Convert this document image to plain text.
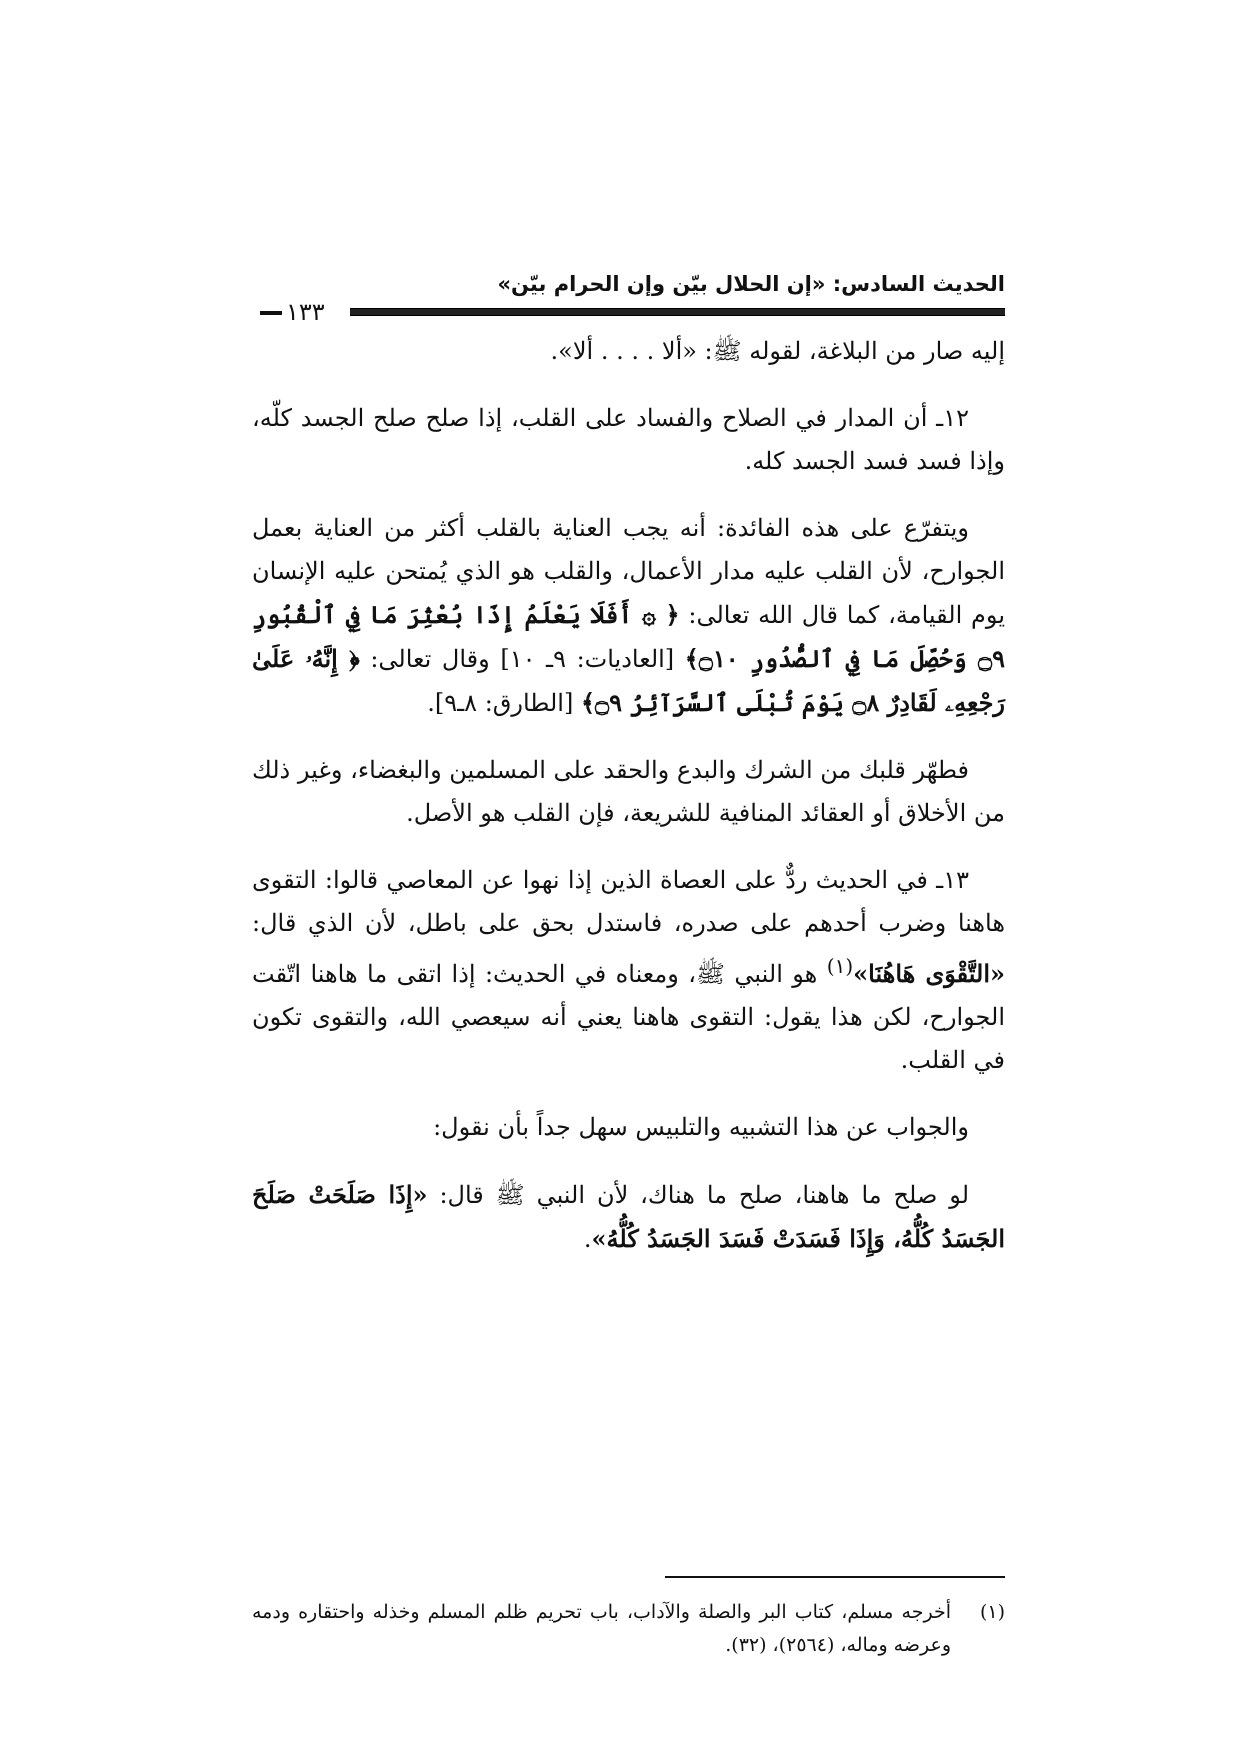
الحديث السادس: «إن الحلال بيّن وإن الحرام بيّن»
١٣٣

إليه صار من البلاغة، لقوله ﷺ: «ألا . . . . ألا».

١٢ـ أن المدار في الصلاح والفساد على القلب، إذا صلح صلح الجسد كلّه، وإذا فسد فسد الجسد كله.

ويتفرّع على هذه الفائدة: أنه يجب العناية بالقلب أكثر من العناية بعمل الجوارح، لأن القلب عليه مدار الأعمال، والقلب هو الذي يُمتحن عليه الإنسان يوم القيامة، كما قال الله تعالى: ﴿ ۞ أَفَلَا يَعْلَمُ إِذَا بُعْثِرَ مَا فِي ٱلْقُبُورِ ۝٩ وَحُصِّلَ مَا فِي ٱلصُّدُورِ ۝١٠﴾ [العاديات: ٩ـ ١٠] وقال تعالى: ﴿ إِنَّهُۥ عَلَىٰ رَجْعِهِۦ لَقَادِرٌ ۝٨ يَوْمَ تُبْلَى ٱلسَّرَآئِرُ ۝٩﴾ [الطارق: ٨ـ٩].

فطهّر قلبك من الشرك والبدع والحقد على المسلمين والبغضاء، وغير ذلك من الأخلاق أو العقائد المنافية للشريعة، فإن القلب هو الأصل.

١٣ـ في الحديث ردٌّ على العصاة الذين إذا نهوا عن المعاصي قالوا: التقوى هاهنا وضرب أحدهم على صدره، فاستدل بحق على باطل، لأن الذي قال: «التَّقْوَى هَاهُنَا»$^{(١)}$ هو النبي ﷺ، ومعناه في الحديث: إذا اتقى ما هاهنا اتّقت الجوارح، لكن هذا يقول: التقوى هاهنا يعني أنه سيعصي الله، والتقوى تكون في القلب.

والجواب عن هذا التشبيه والتلبيس سهل جداً بأن نقول:

لو صلح ما هاهنا، صلح ما هناك، لأن النبي ﷺ قال: «إِذَا صَلَحَتْ صَلَحَ الجَسَدُ كُلُّهُ، وَإِذَا فَسَدَتْ فَسَدَ الجَسَدُ كُلُّهُ».

(١)
أخرجه مسلم، كتاب البر والصلة والآداب، باب تحريم ظلم المسلم وخذله واحتقاره ودمه وعرضه وماله، (٢٥٦٤)، (٣٢).
